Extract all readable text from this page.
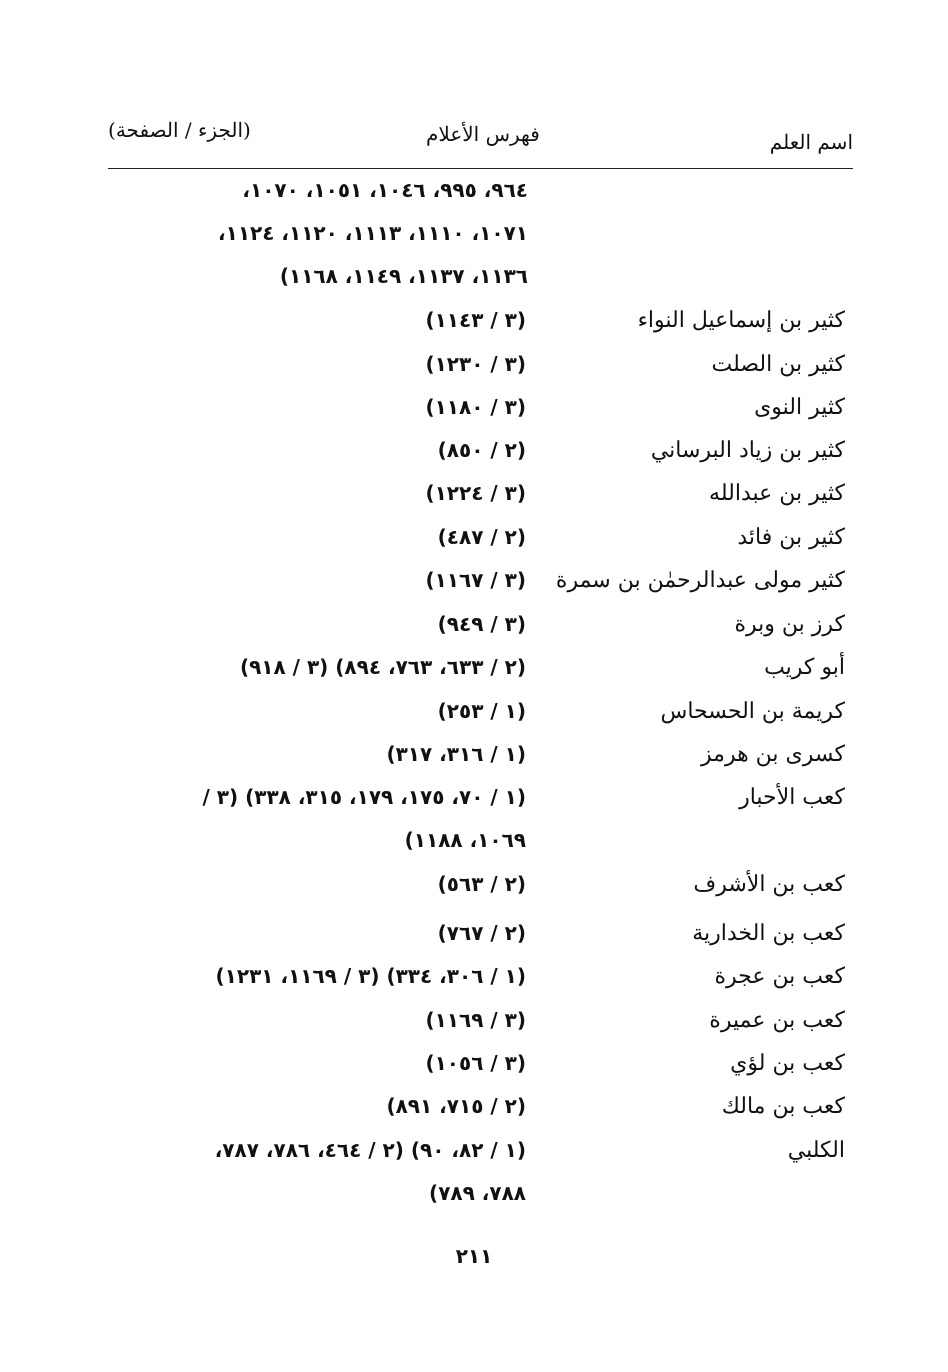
اسم العلم
فهرس الأعلام
(الجزء / الصفحة)
٩٦٤، ٩٩٥، ١٠٤٦، ١٠٥١، ١٠٧٠،
١٠٧١، ١١١٠، ١١١٣، ١١٢٠، ١١٢٤،
١١٣٦، ١١٣٧، ١١٤٩، ١١٦٨)
كثير بن إسماعيل النواء
(٣ / ١١٤٣)
كثير بن الصلت
(٣ / ١٢٣٠)
كثير النوى
(٣ / ١١٨٠)
كثير بن زياد البرساني
(٢ / ٨٥٠)
كثير بن عبدالله
(٣ / ١٢٢٤)
كثير بن فائد
(٢ / ٤٨٧)
كثير مولى عبدالرحمٰن بن سمرة
(٣ / ١١٦٧)
كرز بن وبرة
(٣ / ٩٤٩)
أبو كريب
(٢ / ٦٣٣، ٧٦٣، ٨٩٤) (٣ / ٩١٨)
كريمة بن الحسحاس
(١ / ٢٥٣)
كسرى بن هرمز
(١ / ٣١٦، ٣١٧)
كعب الأحبار
(١ / ٧٠، ١٧٥، ١٧٩، ٣١٥، ٣٣٨) (٣ /
١٠٦٩، ١١٨٨)
كعب بن الأشرف
(٢ / ٥٦٣)
كعب بن الخدارية
(٢ / ٧٦٧)
كعب بن عجرة
(١ / ٣٠٦، ٣٣٤) (٣ / ١١٦٩، ١٢٣١)
كعب بن عميرة
(٣ / ١١٦٩)
كعب بن لؤي
(٣ / ١٠٥٦)
كعب بن مالك
(٢ / ٧١٥، ٨٩١)
الكلبي
(١ / ٨٢، ٩٠) (٢ / ٤٦٤، ٧٨٦، ٧٨٧،
٧٨٨، ٧٨٩)
٢١١
